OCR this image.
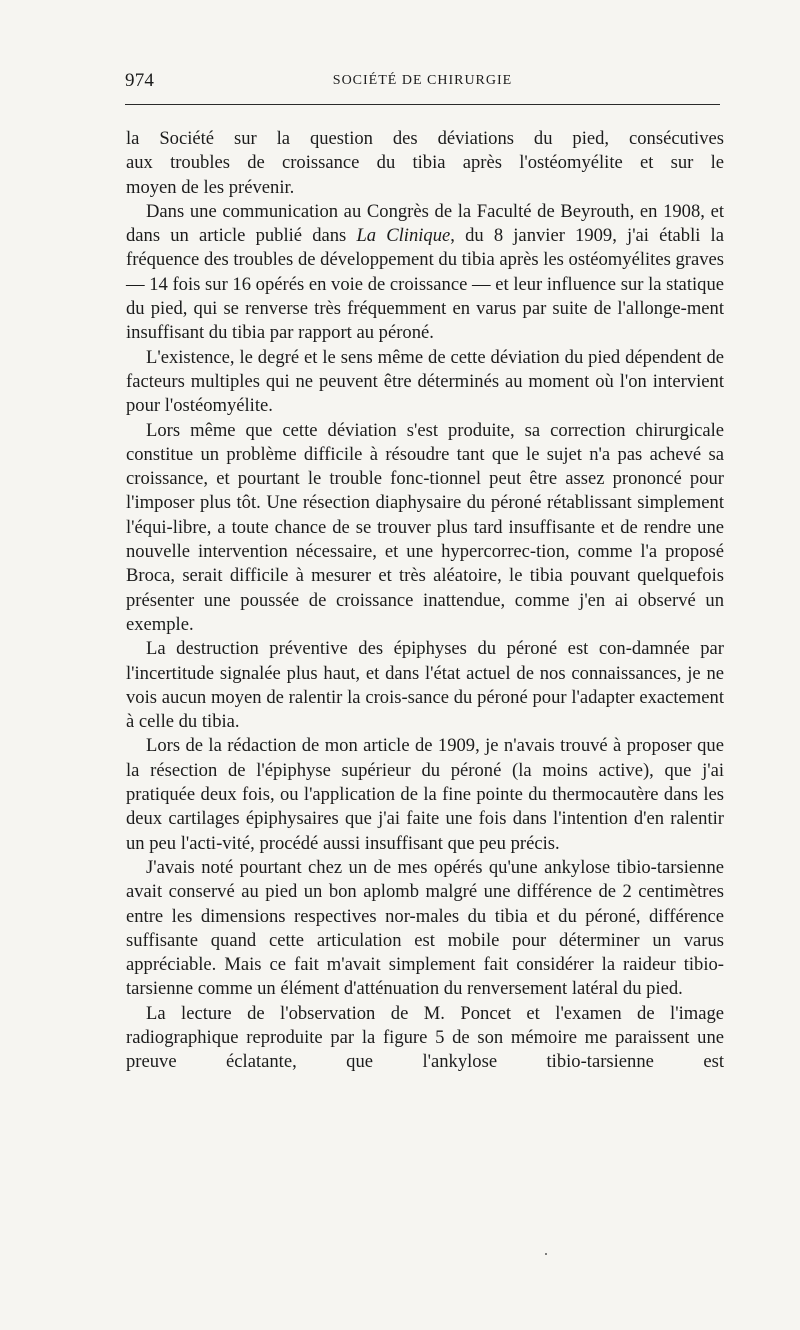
974	SOCIÉTÉ DE CHIRURGIE

la Société sur la question des déviations du pied, consécutives
aux troubles de croissance du tibia après l'ostéomyélite et sur le
moyen de les prévenir.

Dans une communication au Congrès de la Faculté de Beyrouth, en 1908, et dans un article publié dans La Clinique, du 8 janvier 1909, j'ai établi la fréquence des troubles de développement du tibia après les ostéomyélites graves — 14 fois sur 16 opérés en voie de croissance — et leur influence sur la statique du pied, qui se renverse très fréquemment en varus par suite de l'allonge-ment insuffisant du tibia par rapport au péroné.

L'existence, le degré et le sens même de cette déviation du pied dépendent de facteurs multiples qui ne peuvent être déterminés au moment où l'on intervient pour l'ostéomyélite.

Lors même que cette déviation s'est produite, sa correction chirurgicale constitue un problème difficile à résoudre tant que le sujet n'a pas achevé sa croissance, et pourtant le trouble fonc-tionnel peut être assez prononcé pour l'imposer plus tôt. Une résection diaphysaire du péroné rétablissant simplement l'équi-libre, a toute chance de se trouver plus tard insuffisante et de rendre une nouvelle intervention nécessaire, et une hypercorrec-tion, comme l'a proposé Broca, serait difficile à mesurer et très aléatoire, le tibia pouvant quelquefois présenter une poussée de croissance inattendue, comme j'en ai observé un exemple.

La destruction préventive des épiphyses du péroné est con-damnée par l'incertitude signalée plus haut, et dans l'état actuel de nos connaissances, je ne vois aucun moyen de ralentir la crois-sance du péroné pour l'adapter exactement à celle du tibia.

Lors de la rédaction de mon article de 1909, je n'avais trouvé à proposer que la résection de l'épiphyse supérieur du péroné (la moins active), que j'ai pratiquée deux fois, ou l'application de la fine pointe du thermocautère dans les deux cartilages épiphysaires que j'ai faite une fois dans l'intention d'en ralentir un peu l'acti-vité, procédé aussi insuffisant que peu précis.

J'avais noté pourtant chez un de mes opérés qu'une ankylose tibio-tarsienne avait conservé au pied un bon aplomb malgré une différence de 2 centimètres entre les dimensions respectives nor-males du tibia et du péroné, différence suffisante quand cette articulation est mobile pour déterminer un varus appréciable. Mais ce fait m'avait simplement fait considérer la raideur tibio-tarsienne comme un élément d'atténuation du renversement latéral du pied.

La lecture de l'observation de M. Poncet et l'examen de l'image radiographique reproduite par la figure 5 de son mémoire me paraissent une preuve éclatante, que l'ankylose tibio-tarsienne est
